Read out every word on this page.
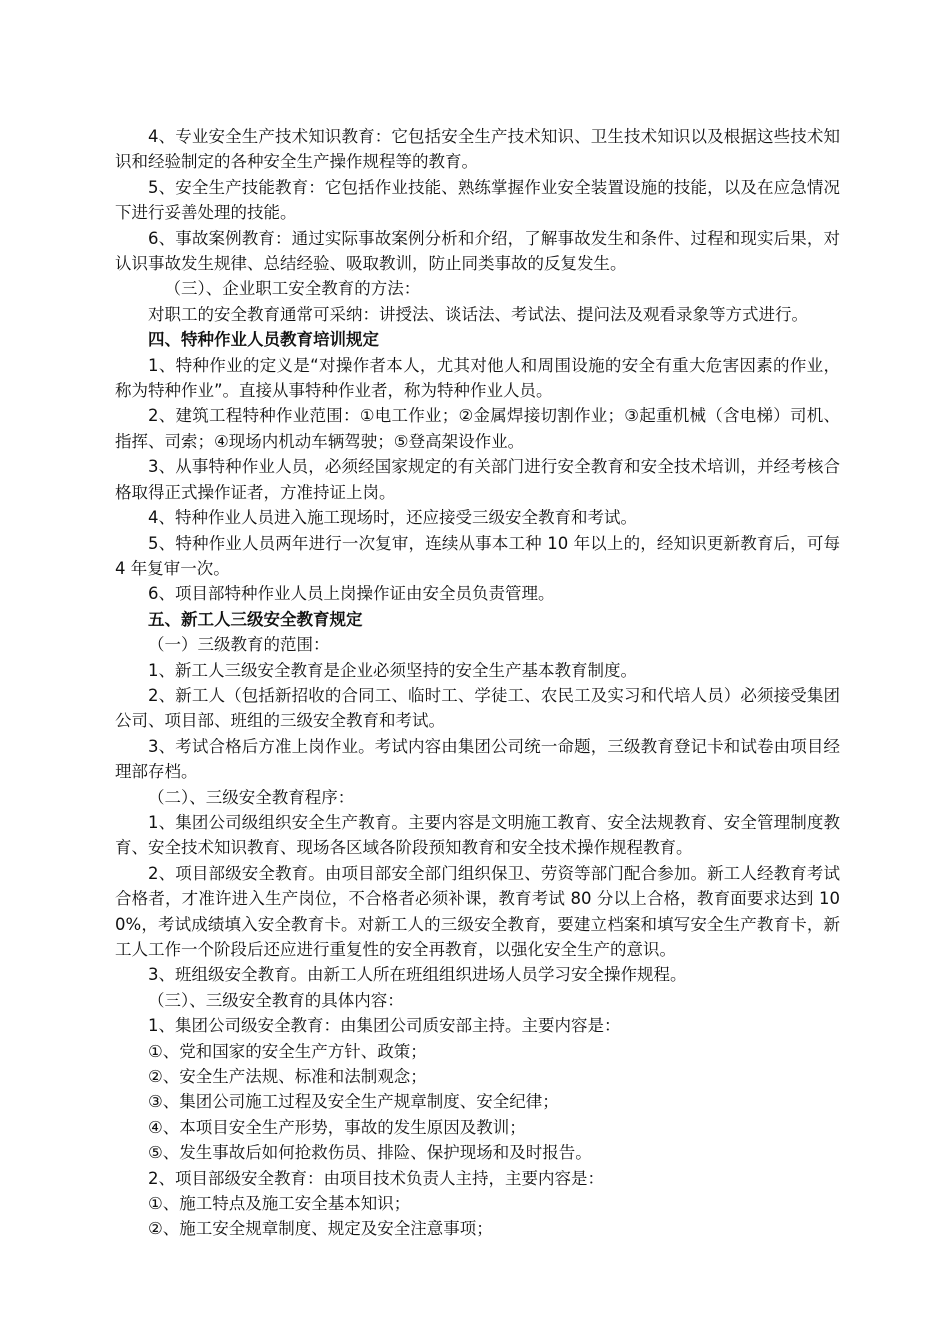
4、专业安全生产技术知识教育：它包括安全生产技术知识、卫生技术知识以及根据这些技术知识和经验制定的各种安全生产操作规程等的教育。

5、安全生产技能教育：它包括作业技能、熟练掌握作业安全装置设施的技能，以及在应急情况下进行妥善处理的技能。

6、事故案例教育：通过实际事故案例分析和介绍，了解事故发生和条件、过程和现实后果，对认识事故发生规律、总结经验、吸取教训，防止同类事故的反复发生。

（三）、企业职工安全教育的方法：

对职工的安全教育通常可采纳：讲授法、谈话法、考试法、提问法及观看录象等方式进行。

四、特种作业人员教育培训规定

1、特种作业的定义是“对操作者本人，尤其对他人和周围设施的安全有重大危害因素的作业，称为特种作业”。直接从事特种作业者，称为特种作业人员。

2、建筑工程特种作业范围：①电工作业；②金属焊接切割作业；③起重机械（含电梯）司机、指挥、司索；④现场内机动车辆驾驶；⑤登高架设作业。

3、从事特种作业人员，必须经国家规定的有关部门进行安全教育和安全技术培训，并经考核合格取得正式操作证者，方准持证上岗。

4、特种作业人员进入施工现场时，还应接受三级安全教育和考试。

5、特种作业人员两年进行一次复审，连续从事本工种 10 年以上的，经知识更新教育后，可每 4 年复审一次。

6、项目部特种作业人员上岗操作证由安全员负责管理。

五、新工人三级安全教育规定

（一）三级教育的范围：

1、新工人三级安全教育是企业必须坚持的安全生产基本教育制度。

2、新工人（包括新招收的合同工、临时工、学徒工、农民工及实习和代培人员）必须接受集团公司、项目部、班组的三级安全教育和考试。

3、考试合格后方准上岗作业。考试内容由集团公司统一命题，三级教育登记卡和试卷由项目经理部存档。

（二）、三级安全教育程序：

1、集团公司级组织安全生产教育。主要内容是文明施工教育、安全法规教育、安全管理制度教育、安全技术知识教育、现场各区域各阶段预知教育和安全技术操作规程教育。

2、项目部级安全教育。由项目部安全部门组织保卫、劳资等部门配合参加。新工人经教育考试合格者，才准许进入生产岗位，不合格者必须补课，教育考试 80 分以上合格，教育面要求达到 100%，考试成绩填入安全教育卡。对新工人的三级安全教育，要建立档案和填写安全生产教育卡，新工人工作一个阶段后还应进行重复性的安全再教育，以强化安全生产的意识。

3、班组级安全教育。由新工人所在班组组织进场人员学习安全操作规程。

（三）、三级安全教育的具体内容：

1、集团公司级安全教育：由集团公司质安部主持。主要内容是：

①、党和国家的安全生产方针、政策；

②、安全生产法规、标准和法制观念；

③、集团公司施工过程及安全生产规章制度、安全纪律；

④、本项目安全生产形势，事故的发生原因及教训；

⑤、发生事故后如何抢救伤员、排险、保护现场和及时报告。

2、项目部级安全教育：由项目技术负责人主持，主要内容是：

①、施工特点及施工安全基本知识；

②、施工安全规章制度、规定及安全注意事项；
